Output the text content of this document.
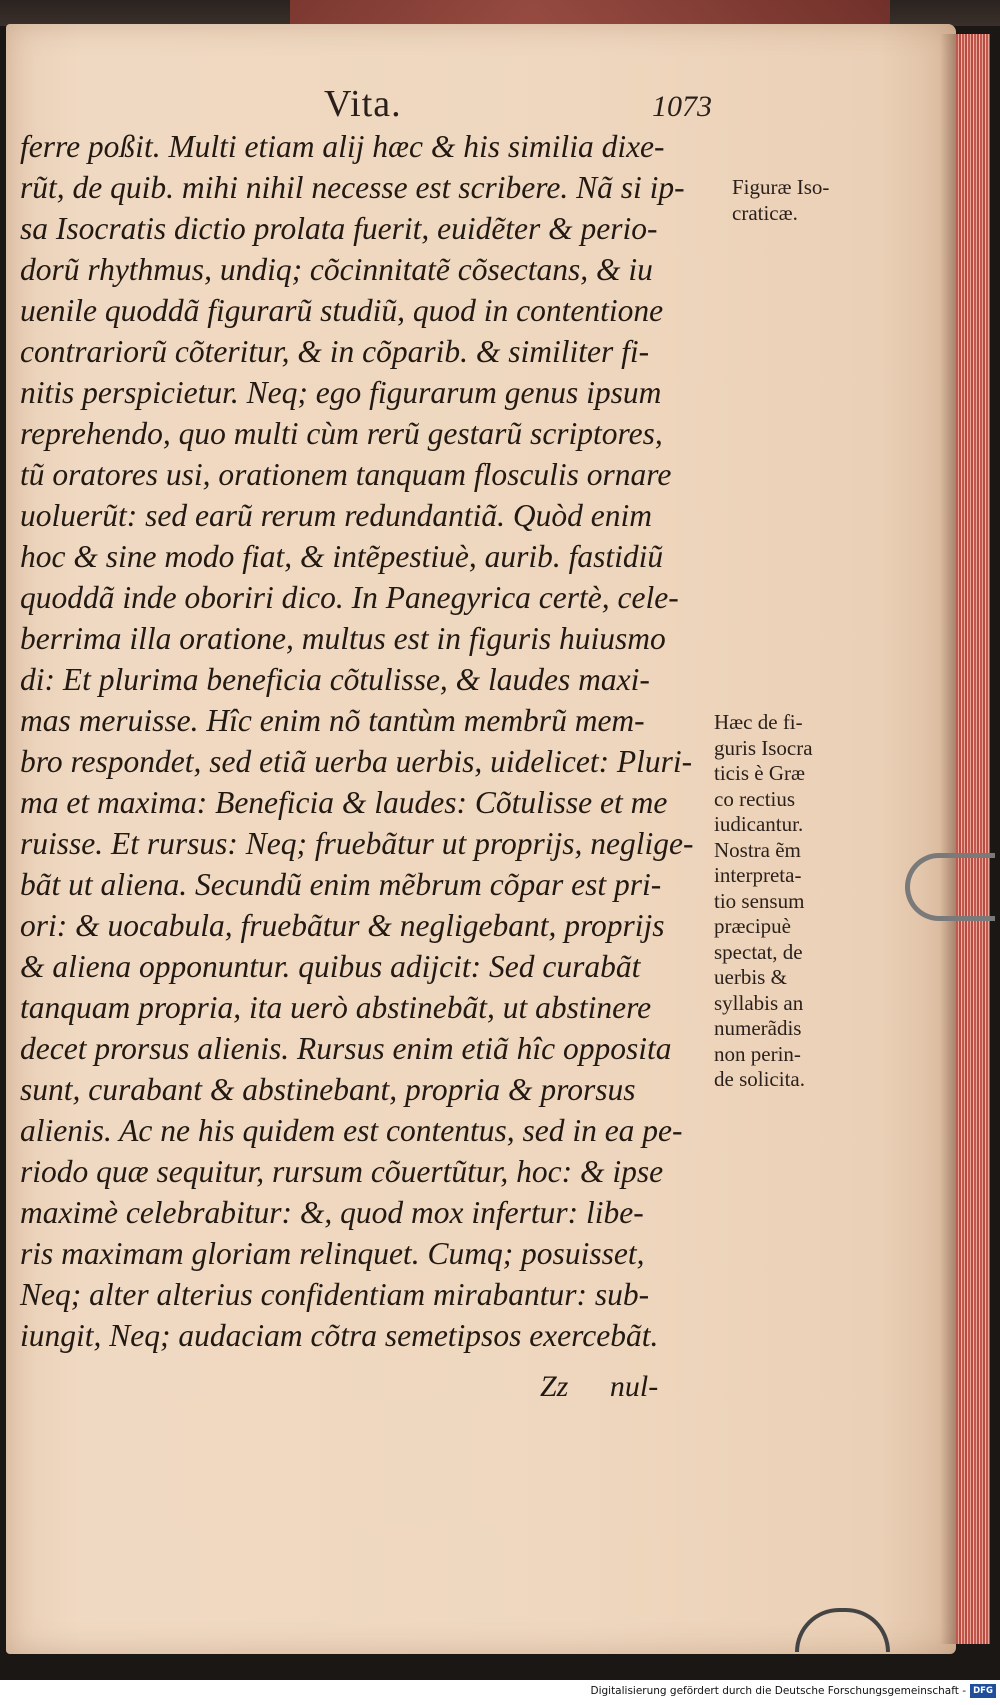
Vita.	1073
ferre poßit. Multi etiam alij hæc & his similia dixe-
rũt, de quib. mihi nihil necesse est scribere. Nã si ip-
sa Isocratis dictio prolata fuerit, euidẽter & perio-
dorũ rhythmus, undiq; cõcinnitatẽ cõsectans, & iu
uenile quoddã figurarũ studiũ, quod in contentione
contrariorũ cõteritur, & in cõparib. & similiter fi-
nitis perspicietur. Neq; ego figurarum genus ipsum
reprehendo, quo multi cùm rerũ gestarũ scriptores,
tũ oratores usi, orationem tanquam flosculis ornare
uoluerũt: sed earũ rerum redundantiã. Quòd enim
hoc & sine modo fiat, & intẽpestiuè, aurib. fastidiũ
quoddã inde oboriri dico. In Panegyrica certè, cele-
berrima illa oratione, multus est in figuris huiusmo
di: Et plurima beneficia cõtulisse, & laudes maxi-
mas meruisse. Hîc enim nõ tantùm membrũ mem-
bro respondet, sed etiã uerba uerbis, uidelicet: Pluri-
ma et maxima: Beneficia & laudes: Cõtulisse et me
ruisse. Et rursus: Neq; fruebãtur ut proprijs, neglige-
bãt ut aliena. Secundũ enim mẽbrum cõpar est pri-
ori: & uocabula, fruebãtur & negligebant, proprijs
& aliena opponuntur. quibus adijcit: Sed curabãt
tanquam propria, ita uerò abstinebãt, ut abstinere
decet prorsus alienis. Rursus enim etiã hîc opposita
sunt, curabant & abstinebant, propria & prorsus
alienis. Ac ne his quidem est contentus, sed in ea pe-
riodo quæ sequitur, rursum cõuertũtur, hoc: & ipse
maximè celebrabitur: &, quod mox infertur: libe-
ris maximam gloriam relinquet. Cumq; posuisset,
Neq; alter alterius confidentiam mirabantur: sub-
iungit, Neq; audaciam cõtra semetipsos exercebãt.
Zz nul-
Figuræ Iso-
craticæ.
Hæc de fi-
guris Isocra
ticis è Græ
co rectius
iudicantur.
Nostra ẽm
interpreta-
tio sensum
præcipuè
spectat, de
uerbis &
syllabis an
numerãdis
non perin-
de solicita.
Digitalisierung gefördert durch die Deutsche Forschungsgemeinschaft - DFG
